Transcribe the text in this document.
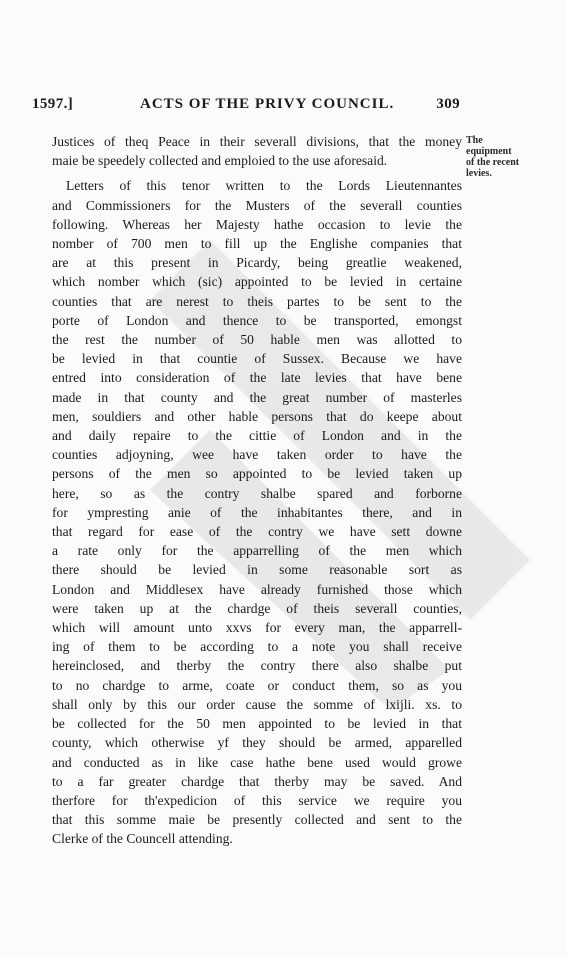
1597.]	ACTS OF THE PRIVY COUNCIL.	309
The
equipment
of the recent
levies.
Justices of theq Peace in their severall divisions, that the money
maie be speedely collected and emploied to the use aforesaid.
Letters of this tenor written to the Lords Lieutennantes
and Commissioners for the Musters of the severall counties
following. Whereas her Majesty hathe occasion to levie the
nomber of 700 men to fill up the Englishe companies that
are at this present in Picardy, being greatlie weakened,
which nomber which (sic) appointed to be levied in certaine
counties that are nerest to theis partes to be sent to the
porte of London and thence to be transported, emongst
the rest the number of 50 hable men was allotted to
be levied in that countie of Sussex. Because we have
entred into consideration of the late levies that have bene
made in that county and the great number of masterles
men, souldiers and other hable persons that do keepe about
and daily repaire to the cittie of London and in the
counties adjoyning, wee have taken order to have the
persons of the men so appointed to be levied taken up
here, so as the contry shalbe spared and forborne
for ympresting anie of the inhabitantes there, and in
that regard for ease of the contry we have sett downe
a rate only for the apparrelling of the men which
there should be levied in some reasonable sort as
London and Middlesex have already furnished those which
were taken up at the chardge of theis severall counties,
which will amount unto xxvs for every man, the apparrell-
ing of them to be according to a note you shall receive
hereinclosed, and therby the contry there also shalbe put
to no chardge to arme, coate or conduct them, so as you
shall only by this our order cause the somme of lxijli. xs. to
be collected for the 50 men appointed to be levied in that
county, which otherwise yf they should be armed, apparelled
and conducted as in like case hathe bene used would growe
to a far greater chardge that therby may be saved. And
therfore for th'expedicion of this service we require you
that this somme maie be presently collected and sent to the
Clerke of the Councell attending.
